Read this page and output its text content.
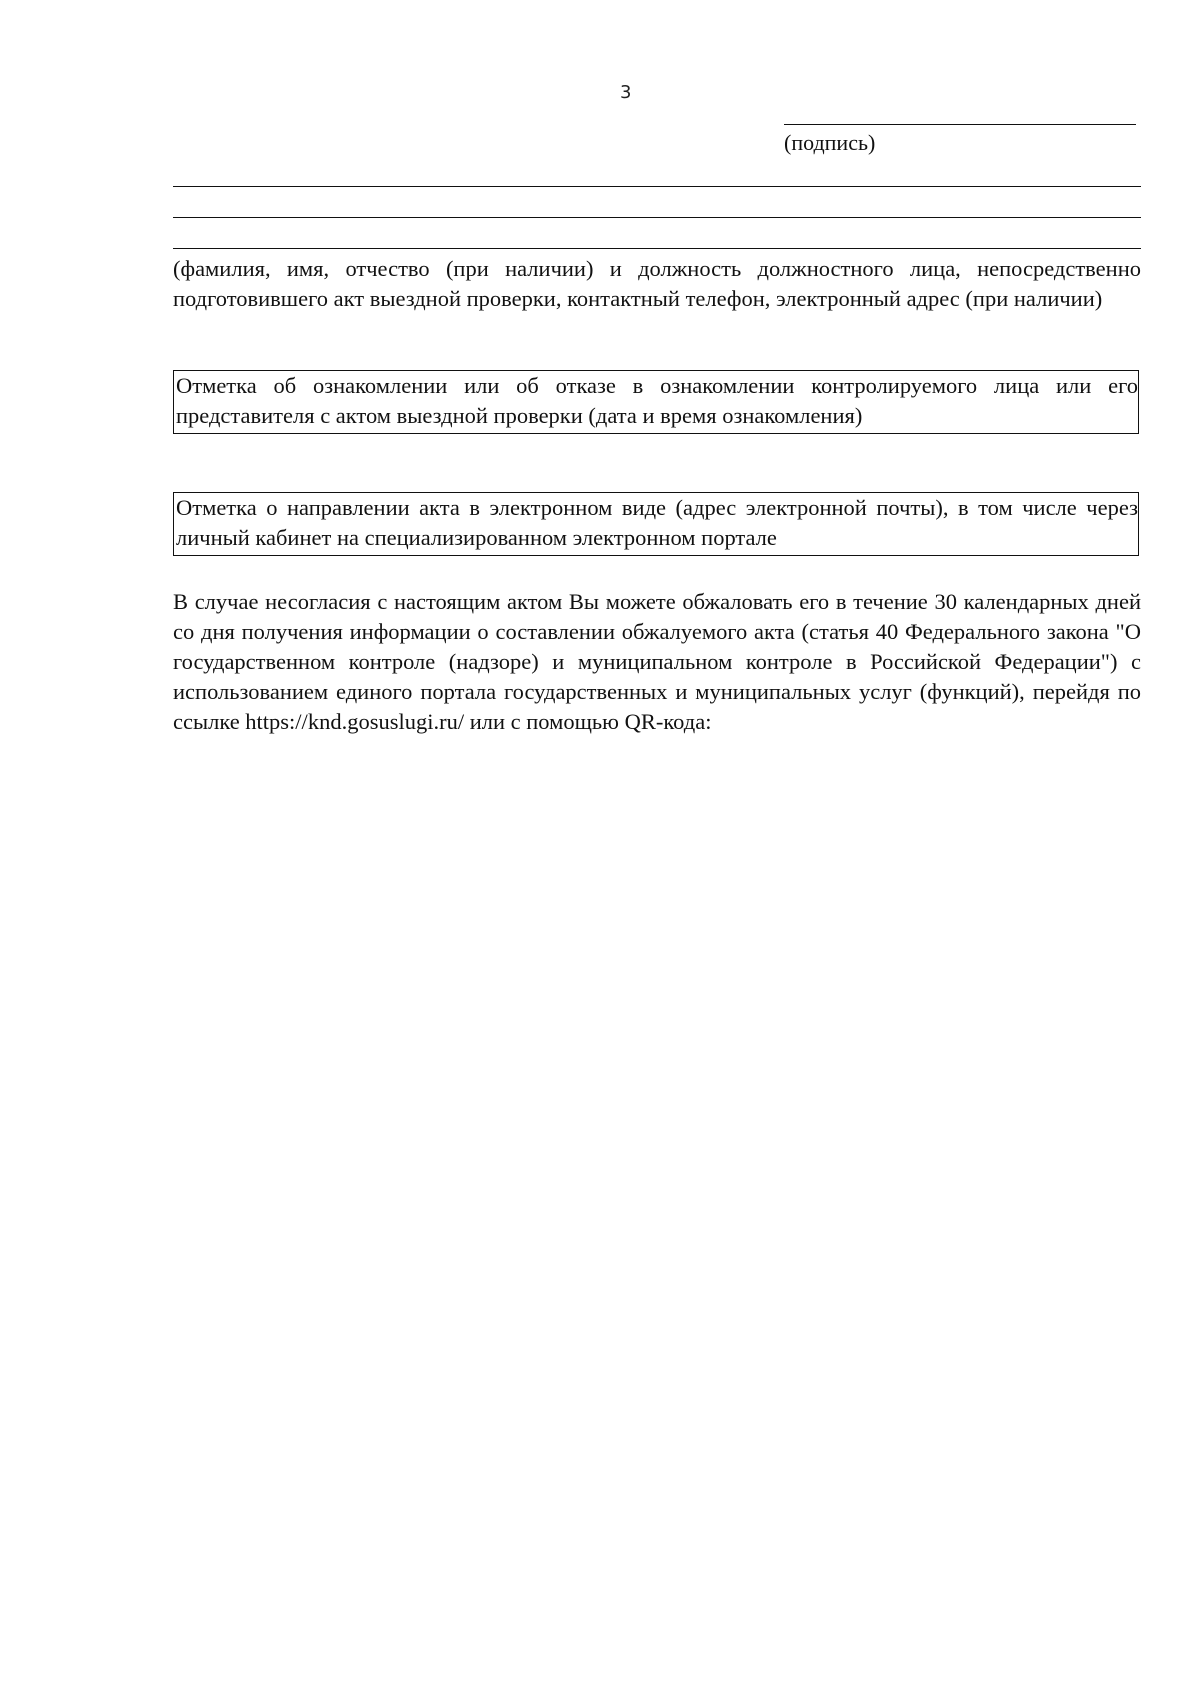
3
(подпись)
(фамилия, имя, отчество (при наличии) и должность должностного лица, непосредственно подготовившего акт выездной проверки, контактный телефон, электронный адрес (при наличии)
Отметка об ознакомлении или об отказе в ознакомлении контролируемого лица или его представителя с актом выездной проверки (дата и время ознакомления)
Отметка о направлении акта в электронном виде (адрес электронной почты), в том числе через личный кабинет на специализированном электронном портале
В случае несогласия с настоящим актом Вы можете обжаловать его в течение 30 календарных дней со дня получения информации о составлении обжалуемого акта (статья 40 Федерального закона "О государственном контроле (надзоре) и муниципальном контроле в Российской Федерации") с использованием единого портала государственных и муниципальных услуг (функций), перейдя по ссылке https://knd.gosuslugi.ru/ или с помощью QR-кода:
